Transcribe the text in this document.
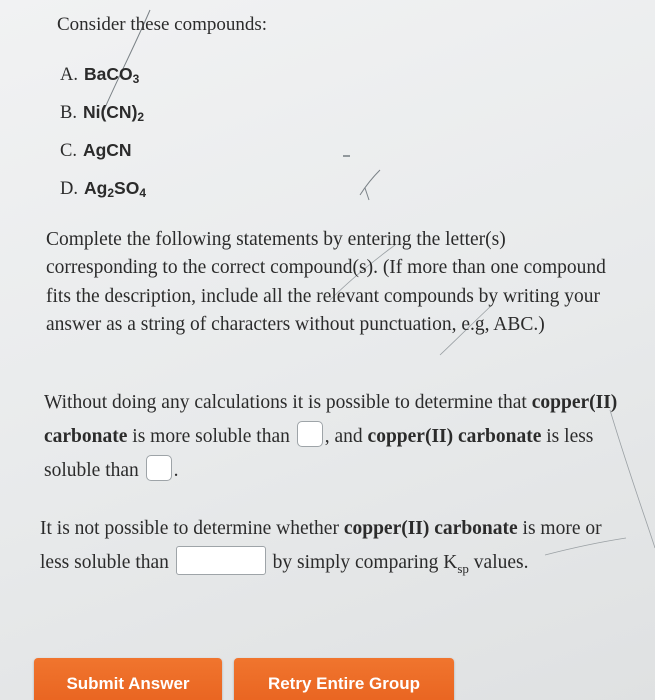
Consider these compounds:
A. BaCO$_3$
B. $Ni(CN)_2$
C. AgCN
D. $Ag_2SO_4$

Complete the following statements by entering the letter(s) corresponding to the correct compound(s). (If more than one compound fits the description, include all the relevant compounds by writing your answer as a string of characters without punctuation, e.g, ABC.)

Without doing any calculations it is possible to determine that copper(II) carbonate is more soluble than , and copper(II) carbonate is less soluble than .

It is not possible to determine whether copper(II) carbonate is more or less soluble than	by simply comparing $K_{sp}$ values.

Submit Answer	Retry Entire Group
